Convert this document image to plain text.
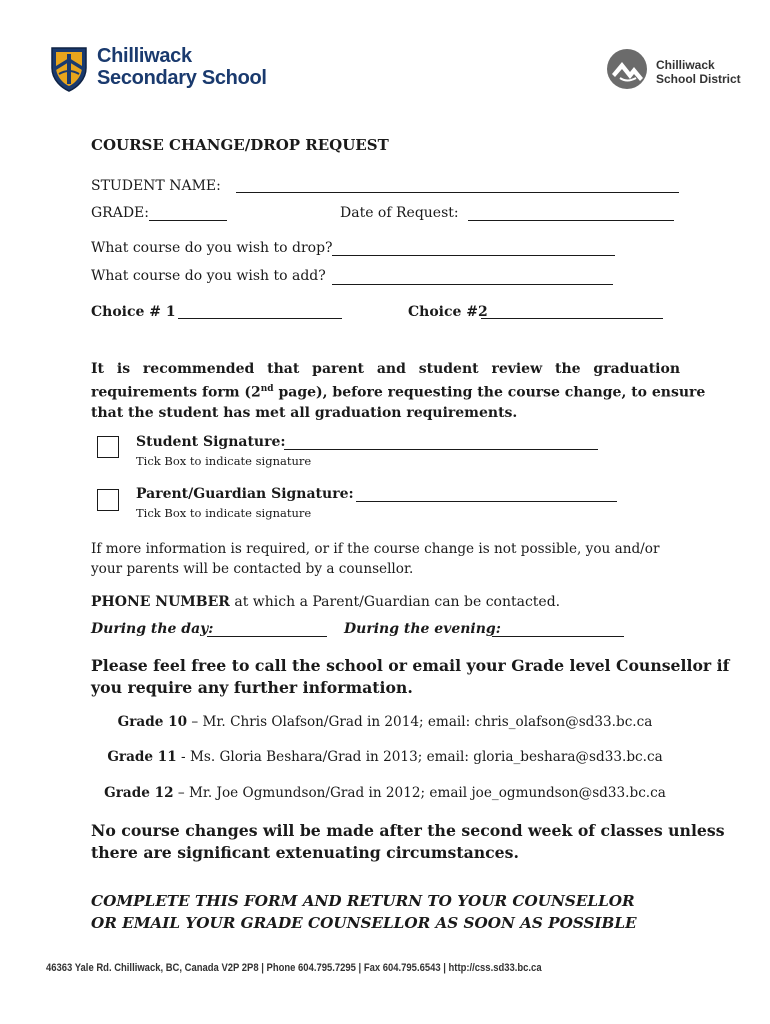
Chilliwack
Secondary School
Chilliwack
School District
COURSE CHANGE/DROP REQUEST
STUDENT NAME:
GRADE:	Date of Request:
What course do you wish to drop?
What course do you wish to add?
Choice # 1	Choice #2
It is recommended that parent and student review the graduation
requirements form (2nd page), before requesting the course change, to ensure
that the student has met all graduation requirements.
Student Signature:
Tick Box to indicate signature
Parent/Guardian Signature:
Tick Box to indicate signature
If more information is required, or if the course change is not possible, you and/or
your parents will be contacted by a counsellor.
PHONE NUMBER at which a Parent/Guardian can be contacted.
During the day:	During the evening:
Please feel free to call the school or email your Grade level Counsellor if
you require any further information.
Grade 10 – Mr. Chris Olafson/Grad in 2014; email: chris_olafson@sd33.bc.ca
Grade 11 - Ms. Gloria Beshara/Grad in 2013; email: gloria_beshara@sd33.bc.ca
Grade 12 – Mr. Joe Ogmundson/Grad in 2012; email joe_ogmundson@sd33.bc.ca
No course changes will be made after the second week of classes unless
there are significant extenuating circumstances.
COMPLETE THIS FORM AND RETURN TO YOUR COUNSELLOR
OR EMAIL YOUR GRADE COUNSELLOR AS SOON AS POSSIBLE
46363 Yale Rd. Chilliwack, BC, Canada V2P 2P8 | Phone 604.795.7295 | Fax 604.795.6543 | http://css.sd33.bc.ca
